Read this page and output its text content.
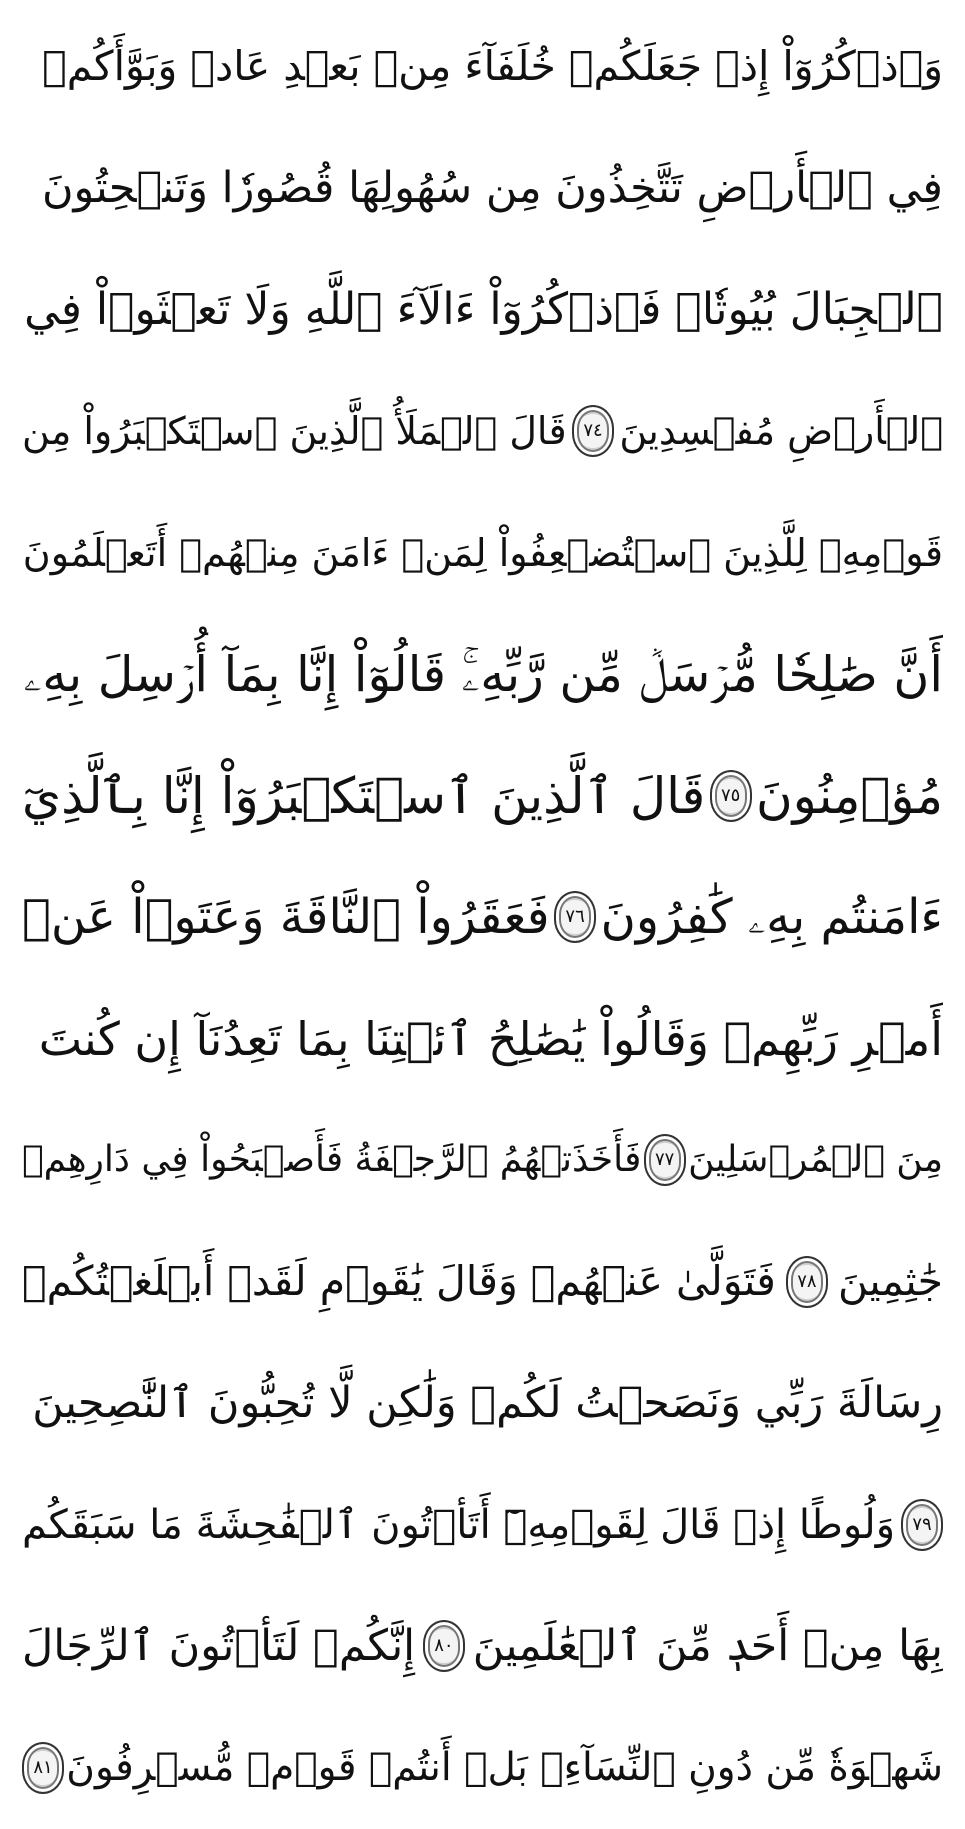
وَٱذۡكُرُوٓاْ إِذۡ جَعَلَكُمۡ خُلَفَآءَ مِنۢ بَعۡدِ عَادٖ وَبَوَّأَكُمۡ
فِي ٱلۡأَرۡضِ تَتَّخِذُونَ مِن سُهُولِهَا قُصُورٗا وَتَنۡحِتُونَ
ٱلۡجِبَالَ بُيُوتٗاۖ فَٱذۡكُرُوٓاْ ءَالَآءَ ٱللَّهِ وَلَا تَعۡثَوۡاْ فِي
ٱلۡأَرۡضِ مُفۡسِدِينَ
٧٤
قَالَ ٱلۡمَلَأُ ٱلَّذِينَ ٱسۡتَكۡبَرُواْ مِن
قَوۡمِهِۦ لِلَّذِينَ ٱسۡتُضۡعِفُواْ لِمَنۡ ءَامَنَ مِنۡهُمۡ أَتَعۡلَمُونَ
أَنَّ صَٰلِحٗا مُّرۡسَلٞ مِّن رَّبِّهِۦۚ قَالُوٓاْ إِنَّا بِمَآ أُرۡسِلَ بِهِۦ
مُؤۡمِنُونَ
٧٥
قَالَ ٱلَّذِينَ ٱسۡتَكۡبَرُوٓاْ إِنَّا بِٱلَّذِيٓ
ءَامَنتُم بِهِۦ كَٰفِرُونَ
٧٦
فَعَقَرُواْ ٱلنَّاقَةَ وَعَتَوۡاْ عَنۡ
أَمۡرِ رَبِّهِمۡ وَقَالُواْ يَٰصَٰلِحُ ٱئۡتِنَا بِمَا تَعِدُنَآ إِن كُنتَ
مِنَ ٱلۡمُرۡسَلِينَ
٧٧
فَأَخَذَتۡهُمُ ٱلرَّجۡفَةُ فَأَصۡبَحُواْ فِي دَارِهِمۡ
جَٰثِمِينَ
٧٨
فَتَوَلَّىٰ عَنۡهُمۡ وَقَالَ يَٰقَوۡمِ لَقَدۡ أَبۡلَغۡتُكُمۡ
رِسَالَةَ رَبِّي وَنَصَحۡتُ لَكُمۡ وَلَٰكِن لَّا تُحِبُّونَ ٱلنَّٰصِحِينَ
٧٩
وَلُوطًا إِذۡ قَالَ لِقَوۡمِهِۦٓ أَتَأۡتُونَ ٱلۡفَٰحِشَةَ مَا سَبَقَكُم
بِهَا مِنۡ أَحَدٖ مِّنَ ٱلۡعَٰلَمِينَ
٨٠
إِنَّكُمۡ لَتَأۡتُونَ ٱلرِّجَالَ
شَهۡوَةٗ مِّن دُونِ ٱلنِّسَآءِۚ بَلۡ أَنتُمۡ قَوۡمٞ مُّسۡرِفُونَ
٨١
